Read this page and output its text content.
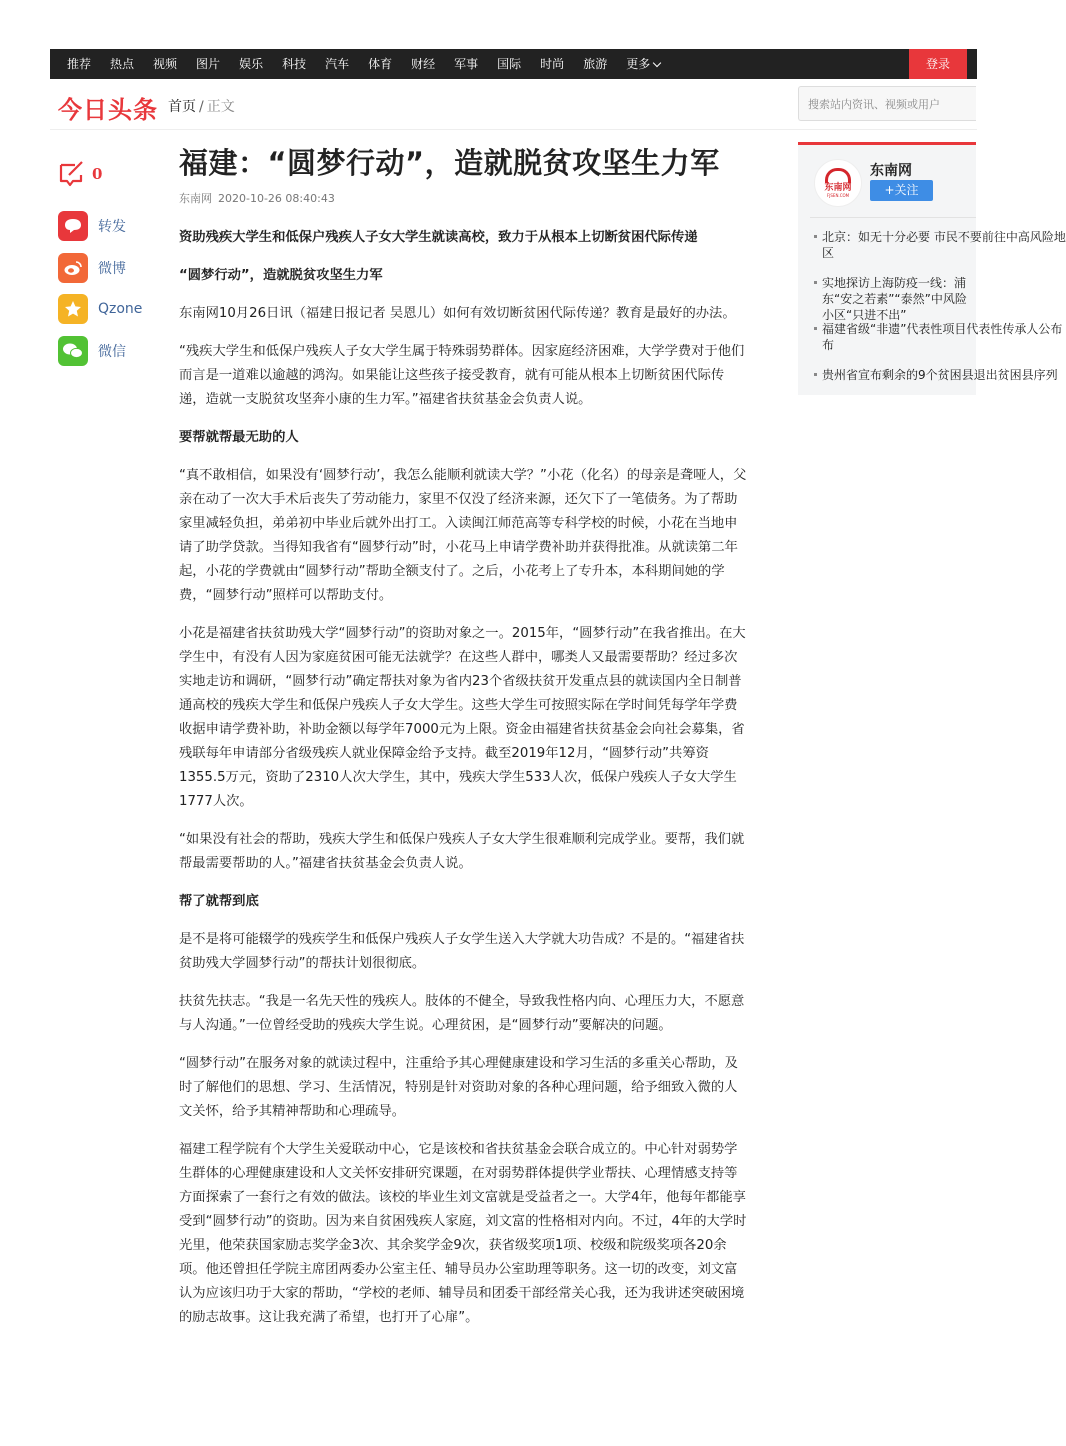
推荐 热点 视频 图片 娱乐 科技 汽车 体育 财经 军事 国际 时尚 旅游 更多	登录
今日头条 首页 / 正文	搜索站内资讯、视频或用户
0
转发
微博
Qzone
微信
福建：“圆梦行动”，造就脱贫攻坚生力军
东南网 2020-10-26 08:40:43

资助残疾大学生和低保户残疾人子女大学生就读高校，致力于从根本上切断贫困代际传递

“圆梦行动”，造就脱贫攻坚生力军

东南网10月26日讯（福建日报记者 吴恩儿）如何有效切断贫困代际传递？教育是最好的办法。

“残疾大学生和低保户残疾人子女大学生属于特殊弱势群体。因家庭经济困难，大学学费对于他们而言是一道难以逾越的鸿沟。如果能让这些孩子接受教育，就有可能从根本上切断贫困代际传递，造就一支脱贫攻坚奔小康的生力军。”福建省扶贫基金会负责人说。

要帮就帮最无助的人

“真不敢相信，如果没有‘圆梦行动’，我怎么能顺利就读大学？”小花（化名）的母亲是聋哑人，父亲在动了一次大手术后丧失了劳动能力，家里不仅没了经济来源，还欠下了一笔债务。为了帮助家里减轻负担，弟弟初中毕业后就外出打工。入读闽江师范高等专科学校的时候，小花在当地申请了助学贷款。当得知我省有“圆梦行动”时，小花马上申请学费补助并获得批准。从就读第二年起，小花的学费就由“圆梦行动”帮助全额支付了。之后，小花考上了专升本，本科期间她的学费，“圆梦行动”照样可以帮助支付。

小花是福建省扶贫助残大学“圆梦行动”的资助对象之一。2015年，“圆梦行动”在我省推出。在大学生中，有没有人因为家庭贫困可能无法就学？在这些人群中，哪类人又最需要帮助？经过多次实地走访和调研，“圆梦行动”确定帮扶对象为省内23个省级扶贫开发重点县的就读国内全日制普通高校的残疾大学生和低保户残疾人子女大学生。这些大学生可按照实际在学时间凭每学年学费收据申请学费补助，补助金额以每学年7000元为上限。资金由福建省扶贫基金会向社会募集，省残联每年申请部分省级残疾人就业保障金给予支持。截至2019年12月，“圆梦行动”共筹资1355.5万元，资助了2310人次大学生，其中，残疾大学生533人次，低保户残疾人子女大学生1777人次。

“如果没有社会的帮助，残疾大学生和低保户残疾人子女大学生很难顺利完成学业。要帮，我们就帮最需要帮助的人。”福建省扶贫基金会负责人说。

帮了就帮到底

是不是将可能辍学的残疾学生和低保户残疾人子女学生送入大学就大功告成？不是的。“福建省扶贫助残大学圆梦行动”的帮扶计划很彻底。

扶贫先扶志。“我是一名先天性的残疾人。肢体的不健全，导致我性格内向、心理压力大，不愿意与人沟通。”一位曾经受助的残疾大学生说。心理贫困，是“圆梦行动”要解决的问题。

“圆梦行动”在服务对象的就读过程中，注重给予其心理健康建设和学习生活的多重关心帮助，及时了解他们的思想、学习、生活情况，特别是针对资助对象的各种心理问题，给予细致入微的人文关怀，给予其精神帮助和心理疏导。

福建工程学院有个大学生关爱联动中心，它是该校和省扶贫基金会联合成立的。中心针对弱势学生群体的心理健康建设和人文关怀安排研究课题，在对弱势群体提供学业帮扶、心理情感支持等方面探索了一套行之有效的做法。该校的毕业生刘文富就是受益者之一。大学4年，他每年都能享受到“圆梦行动”的资助。因为来自贫困残疾人家庭，刘文富的性格相对内向。不过，4年的大学时光里，他荣获国家励志奖学金3次、其余奖学金9次，获省级奖项1项、校级和院级奖项各20余项。他还曾担任学院主席团两委办公室主任、辅导员办公室助理等职务。这一切的改变，刘文富认为应该归功于大家的帮助，“学校的老师、辅导员和团委干部经常关心我，还为我讲述突破困境的励志故事。这让我充满了希望，也打开了心扉”。

东南网
FJSEN.COM
东南网
+关注
北京：如无十分必要 市民不要前往中高风险地
区
实地探访上海防疫一线：浦东“安之若素”“泰然”中风险小区“只进不出”
福建省级“非遗”代表性项目代表性传承人公布
布
贵州省宣布剩余的9个贫困县退出贫困县序列
